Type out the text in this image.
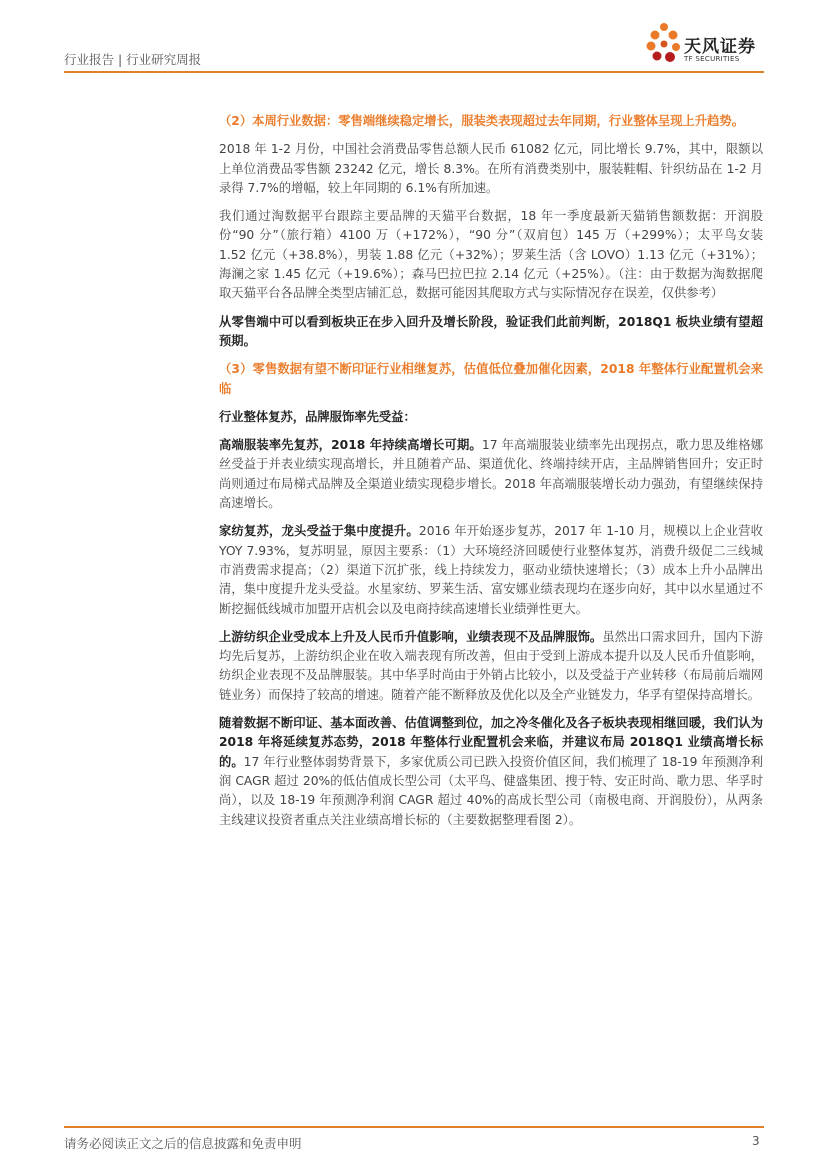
行业报告 | 行业研究周报
天风证券
TF SECURITIES

（2）本周行业数据：零售端继续稳定增长，服装类表现超过去年同期，行业整体呈现上升趋势。

2018 年 1-2 月份，中国社会消费品零售总额人民币 61082 亿元，同比增长 9.7%，其中，限额以上单位消费品零售额 23242 亿元，增长 8.3%。在所有消费类别中，服装鞋帽、针织纺品在 1-2 月录得 7.7%的增幅，较上年同期的 6.1%有所加速。

我们通过淘数据平台跟踪主要品牌的天猫平台数据，18 年一季度最新天猫销售额数据：开润股份“90 分”（旅行箱）4100 万（+172%），“90 分”（双肩包）145 万（+299%）；太平鸟女装 1.52 亿元（+38.8%），男装 1.88 亿元（+32%）；罗莱生活（含 LOVO）1.13 亿元（+31%）；海澜之家 1.45 亿元（+19.6%）；森马巴拉巴拉 2.14 亿元（+25%）。（注：由于数据为淘数据爬取天猫平台各品牌全类型店铺汇总，数据可能因其爬取方式与实际情况存在误差，仅供参考）

从零售端中可以看到板块正在步入回升及增长阶段，验证我们此前判断，2018Q1 板块业绩有望超预期。

（3）零售数据有望不断印证行业相继复苏，估值低位叠加催化因素，2018 年整体行业配置机会来临

行业整体复苏，品牌服饰率先受益：

高端服装率先复苏，2018 年持续高增长可期。17 年高端服装业绩率先出现拐点，歌力思及维格娜丝受益于并表业绩实现高增长，并且随着产品、渠道优化、终端持续开店，主品牌销售回升；安正时尚则通过布局梯式品牌及全渠道业绩实现稳步增长。2018 年高端服装增长动力强劲，有望继续保持高速增长。

家纺复苏，龙头受益于集中度提升。2016 年开始逐步复苏，2017 年 1-10 月，规模以上企业营收 YOY 7.93%，复苏明显，原因主要系：（1）大环境经济回暖使行业整体复苏，消费升级促二三线城市消费需求提高；（2）渠道下沉扩张，线上持续发力，驱动业绩快速增长；（3）成本上升小品牌出清，集中度提升龙头受益。水星家纺、罗莱生活、富安娜业绩表现均在逐步向好，其中以水星通过不断挖掘低线城市加盟开店机会以及电商持续高速增长业绩弹性更大。

上游纺织企业受成本上升及人民币升值影响，业绩表现不及品牌服饰。虽然出口需求回升，国内下游均先后复苏，上游纺织企业在收入端表现有所改善，但由于受到上游成本提升以及人民币升值影响，纺织企业表现不及品牌服装。其中华孚时尚由于外销占比较小，以及受益于产业转移（布局前后端网链业务）而保持了较高的增速。随着产能不断释放及优化以及全产业链发力，华孚有望保持高增长。

随着数据不断印证、基本面改善、估值调整到位，加之冷冬催化及各子板块表现相继回暖，我们认为 2018 年将延续复苏态势，2018 年整体行业配置机会来临，并建议布局 2018Q1 业绩高增长标的。17 年行业整体弱势背景下，多家优质公司已跌入投资价值区间，我们梳理了 18-19 年预测净利润 CAGR 超过 20%的低估值成长型公司（太平鸟、健盛集团、搜于特、安正时尚、歌力思、华孚时尚），以及 18-19 年预测净利润 CAGR 超过 40%的高成长型公司（南极电商、开润股份），从两条主线建议投资者重点关注业绩高增长标的（主要数据整理看图 2）。

请务必阅读正文之后的信息披露和免责申明	3
